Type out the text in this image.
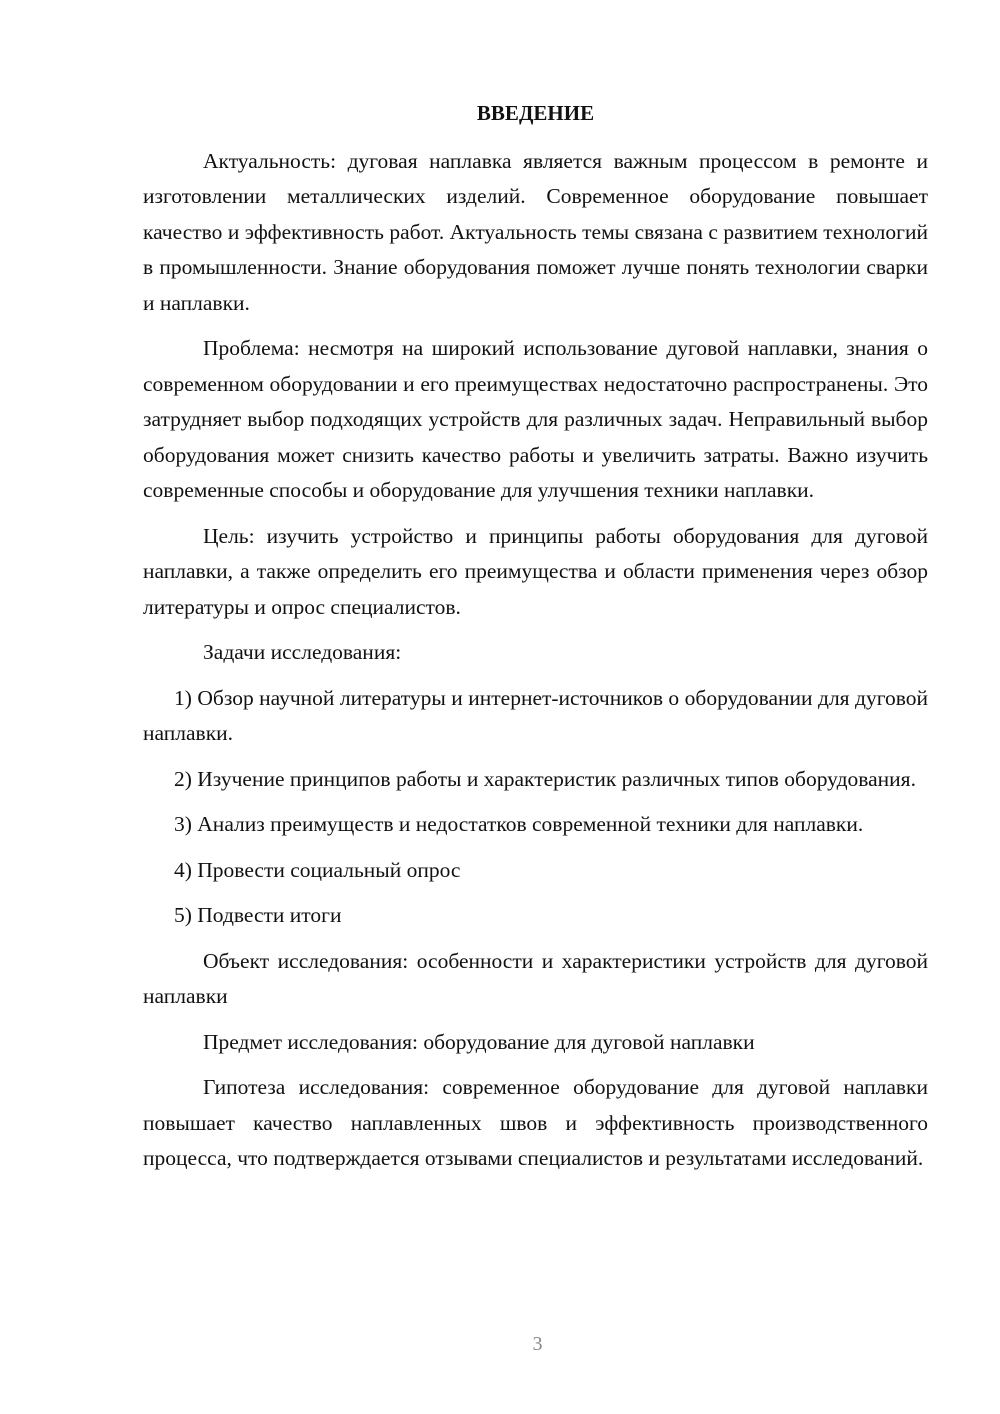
ВВЕДЕНИЕ

Актуальность: дуговая наплавка является важным процессом в ремонте и изготовлении металлических изделий. Современное оборудование повышает качество и эффективность работ. Актуальность темы связана с развитием технологий в промышленности. Знание оборудования поможет лучше понять технологии сварки и наплавки.

Проблема: несмотря на широкий использование дуговой наплавки, знания о современном оборудовании и его преимуществах недостаточно распространены. Это затрудняет выбор подходящих устройств для различных задач. Неправильный выбор оборудования может снизить качество работы и увеличить затраты. Важно изучить современные способы и оборудование для улучшения техники наплавки.

Цель: изучить устройство и принципы работы оборудования для дуговой наплавки, а также определить его преимущества и области применения через обзор литературы и опрос специалистов.

Задачи исследования:

1) Обзор научной литературы и интернет-источников о оборудовании для дуговой наплавки.

2) Изучение принципов работы и характеристик различных типов оборудования.

3) Анализ преимуществ и недостатков современной техники для наплавки.

4) Провести социальный опрос

5) Подвести итоги

Объект исследования: особенности и характеристики устройств для дуговой наплавки

Предмет исследования: оборудование для дуговой наплавки

Гипотеза исследования: современное оборудование для дуговой наплавки повышает качество наплавленных швов и эффективность производственного процесса, что подтверждается отзывами специалистов и результатами исследований.

3
